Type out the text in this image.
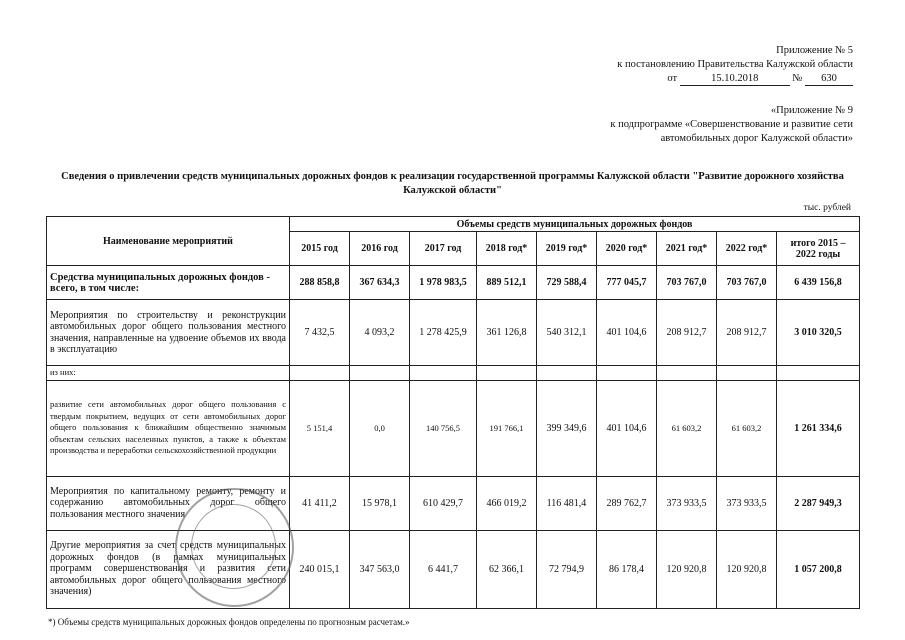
Приложение № 5
к постановлению Правительства Калужской области
от	15.10.2018	№ 630
«Приложение № 9
к подпрограмме «Совершенствование и развитие сети
автомобильных дорог Калужской области»
Сведения о привлечении средств муниципальных дорожных фондов к реализации государственной программы Калужской области "Развитие дорожного хозяйства Калужской области"
тыс. рублей
Наименование мероприятий	Объемы средств муниципальных дорожных фондов								
	2015 год	2016 год	2017 год	2018 год*	2019 год*	2020 год*	2021 год*	2022 год*	итого 2015 – 2022 годы
Средства муниципальных дорожных фондов - всего, в том числе:	288 858,8	367 634,3	1 978 983,5	889 512,1	729 588,4	777 045,7	703 767,0	703 767,0	6 439 156,8
Мероприятия по строительству и реконструкции автомобильных дорог общего пользования местного значения, направленные на удвоение объемов их ввода в эксплуатацию	7 432,5	4 093,2	1 278 425,9	361 126,8	540 312,1	401 104,6	208 912,7	208 912,7	3 010 320,5
из них:									
развитие сети автомобильных дорог общего пользования с твердым покрытием, ведущих от сети автомобильных дорог общего пользования к ближайшим общественно значимым объектам сельских населенных пунктов, а также к объектам производства и переработки сельскохозяйственной продукции	5 151,4	0,0	140 756,5	191 766,1	399 349,6	401 104,6	61 603,2	61 603,2	1 261 334,6
Мероприятия по капитальному ремонту, ремонту и содержанию автомобильных дорог общего пользования местного значения	41 411,2	15 978,1	610 429,7	466 019,2	116 481,4	289 762,7	373 933,5	373 933,5	2 287 949,3
Другие мероприятия за счет средств муниципальных дорожных фондов (в рамках муниципальных программ совершенствования и развития сети автомобильных дорог общего пользования местного значения)	240 015,1	347 563,0	6 441,7	62 366,1	72 794,9	86 178,4	120 920,8	120 920,8	1 057 200,8
*) Объемы средств муниципальных дорожных фондов определены по прогнозным расчетам.»
